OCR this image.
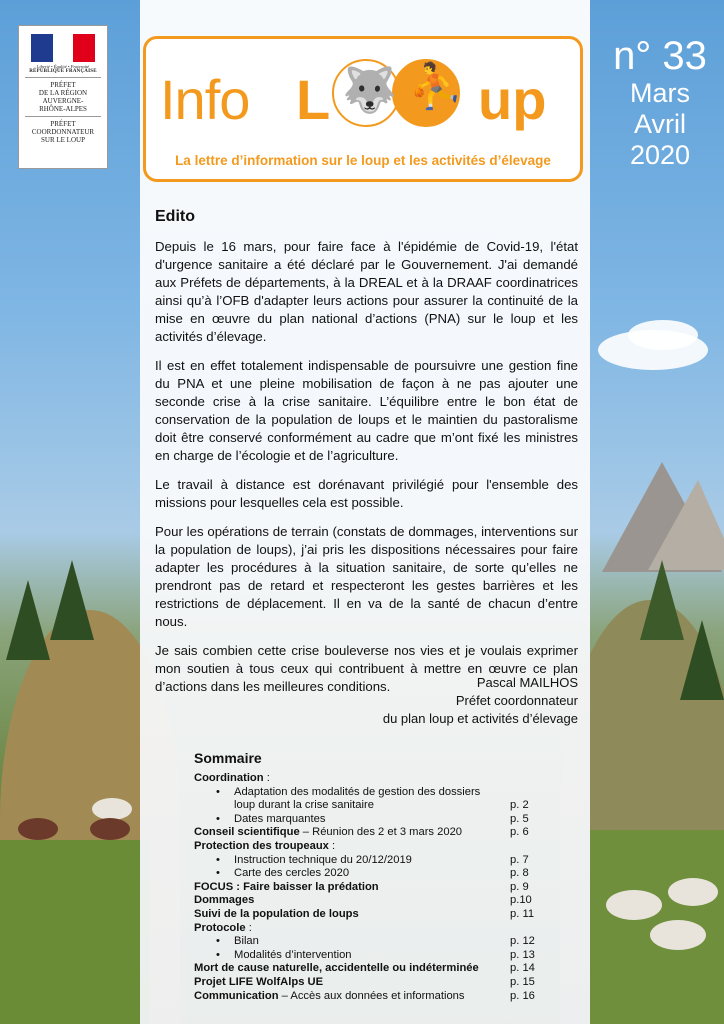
Liberté • Égalité • Fraternité
RÉPUBLIQUE FRANÇAISE
PRÉFET
DE LA RÉGION
AUVERGNE-
RHÔNE-ALPES
PRÉFET
COORDONNATEUR
SUR LE LOUP
Info L 🐺 ⛹ up
La lettre d’information sur le loup et les activités d’élevage
n° 33
Mars
Avril
2020
Edito

Depuis le 16 mars, pour faire face à l'épidémie de Covid-19, l'état d'urgence sanitaire a été déclaré par le Gouvernement. J'ai demandé aux Préfets de départements, à la DREAL et à la DRAAF coordinatrices ainsi qu’à l’OFB d'adapter leurs actions pour assurer la continuité de la mise en œuvre du plan national d’actions (PNA) sur le loup et les activités d’élevage.

Il est en effet totalement indispensable de poursuivre une gestion fine du PNA et une pleine mobilisation de façon à ne pas ajouter une seconde crise à la crise sanitaire. L’équilibre entre le bon état de conservation de la population de loups et le maintien du pastoralisme doit être conservé conformément au cadre que m’ont fixé les ministres en charge de l’écologie et de l’agriculture.

Le travail à distance est dorénavant privilégié pour l'ensemble des missions pour lesquelles cela est possible.

Pour les opérations de terrain (constats de dommages, interventions sur la population de loups), j’ai pris les dispositions nécessaires pour faire adapter les procédures à la situation sanitaire, de sorte qu’elles ne prendront pas de retard et respecteront les gestes barrières et les restrictions de déplacement. Il en va de la santé de chacun d’entre nous.

Je sais combien cette crise bouleverse nos vies et je voulais exprimer mon soutien à tous ceux qui contribuent à mettre en œuvre ce plan d’actions dans les meilleures conditions.	Pascal MAILHOS
Préfet coordonnateur
du plan loup et activités d’élevage
Sommaire
Coordination :
• Adaptation des modalités de gestion des dossiers
loup durant la crise sanitaire	p. 2
• Dates marquantes	p. 5
Conseil scientifique – Réunion des 2 et 3 mars 2020	p. 6
Protection des troupeaux :
• Instruction technique du 20/12/2019	p. 7
• Carte des cercles 2020	p. 8
FOCUS : Faire baisser la prédation	p. 9
Dommages	p.10
Suivi de la population de loups	p. 11
Protocole :
• Bilan	p. 12
• Modalités d’intervention	p. 13
Mort de cause naturelle, accidentelle ou indéterminée	p. 14
Projet LIFE WolfAlps UE	p. 15
Communication – Accès aux données et informations	p. 16
